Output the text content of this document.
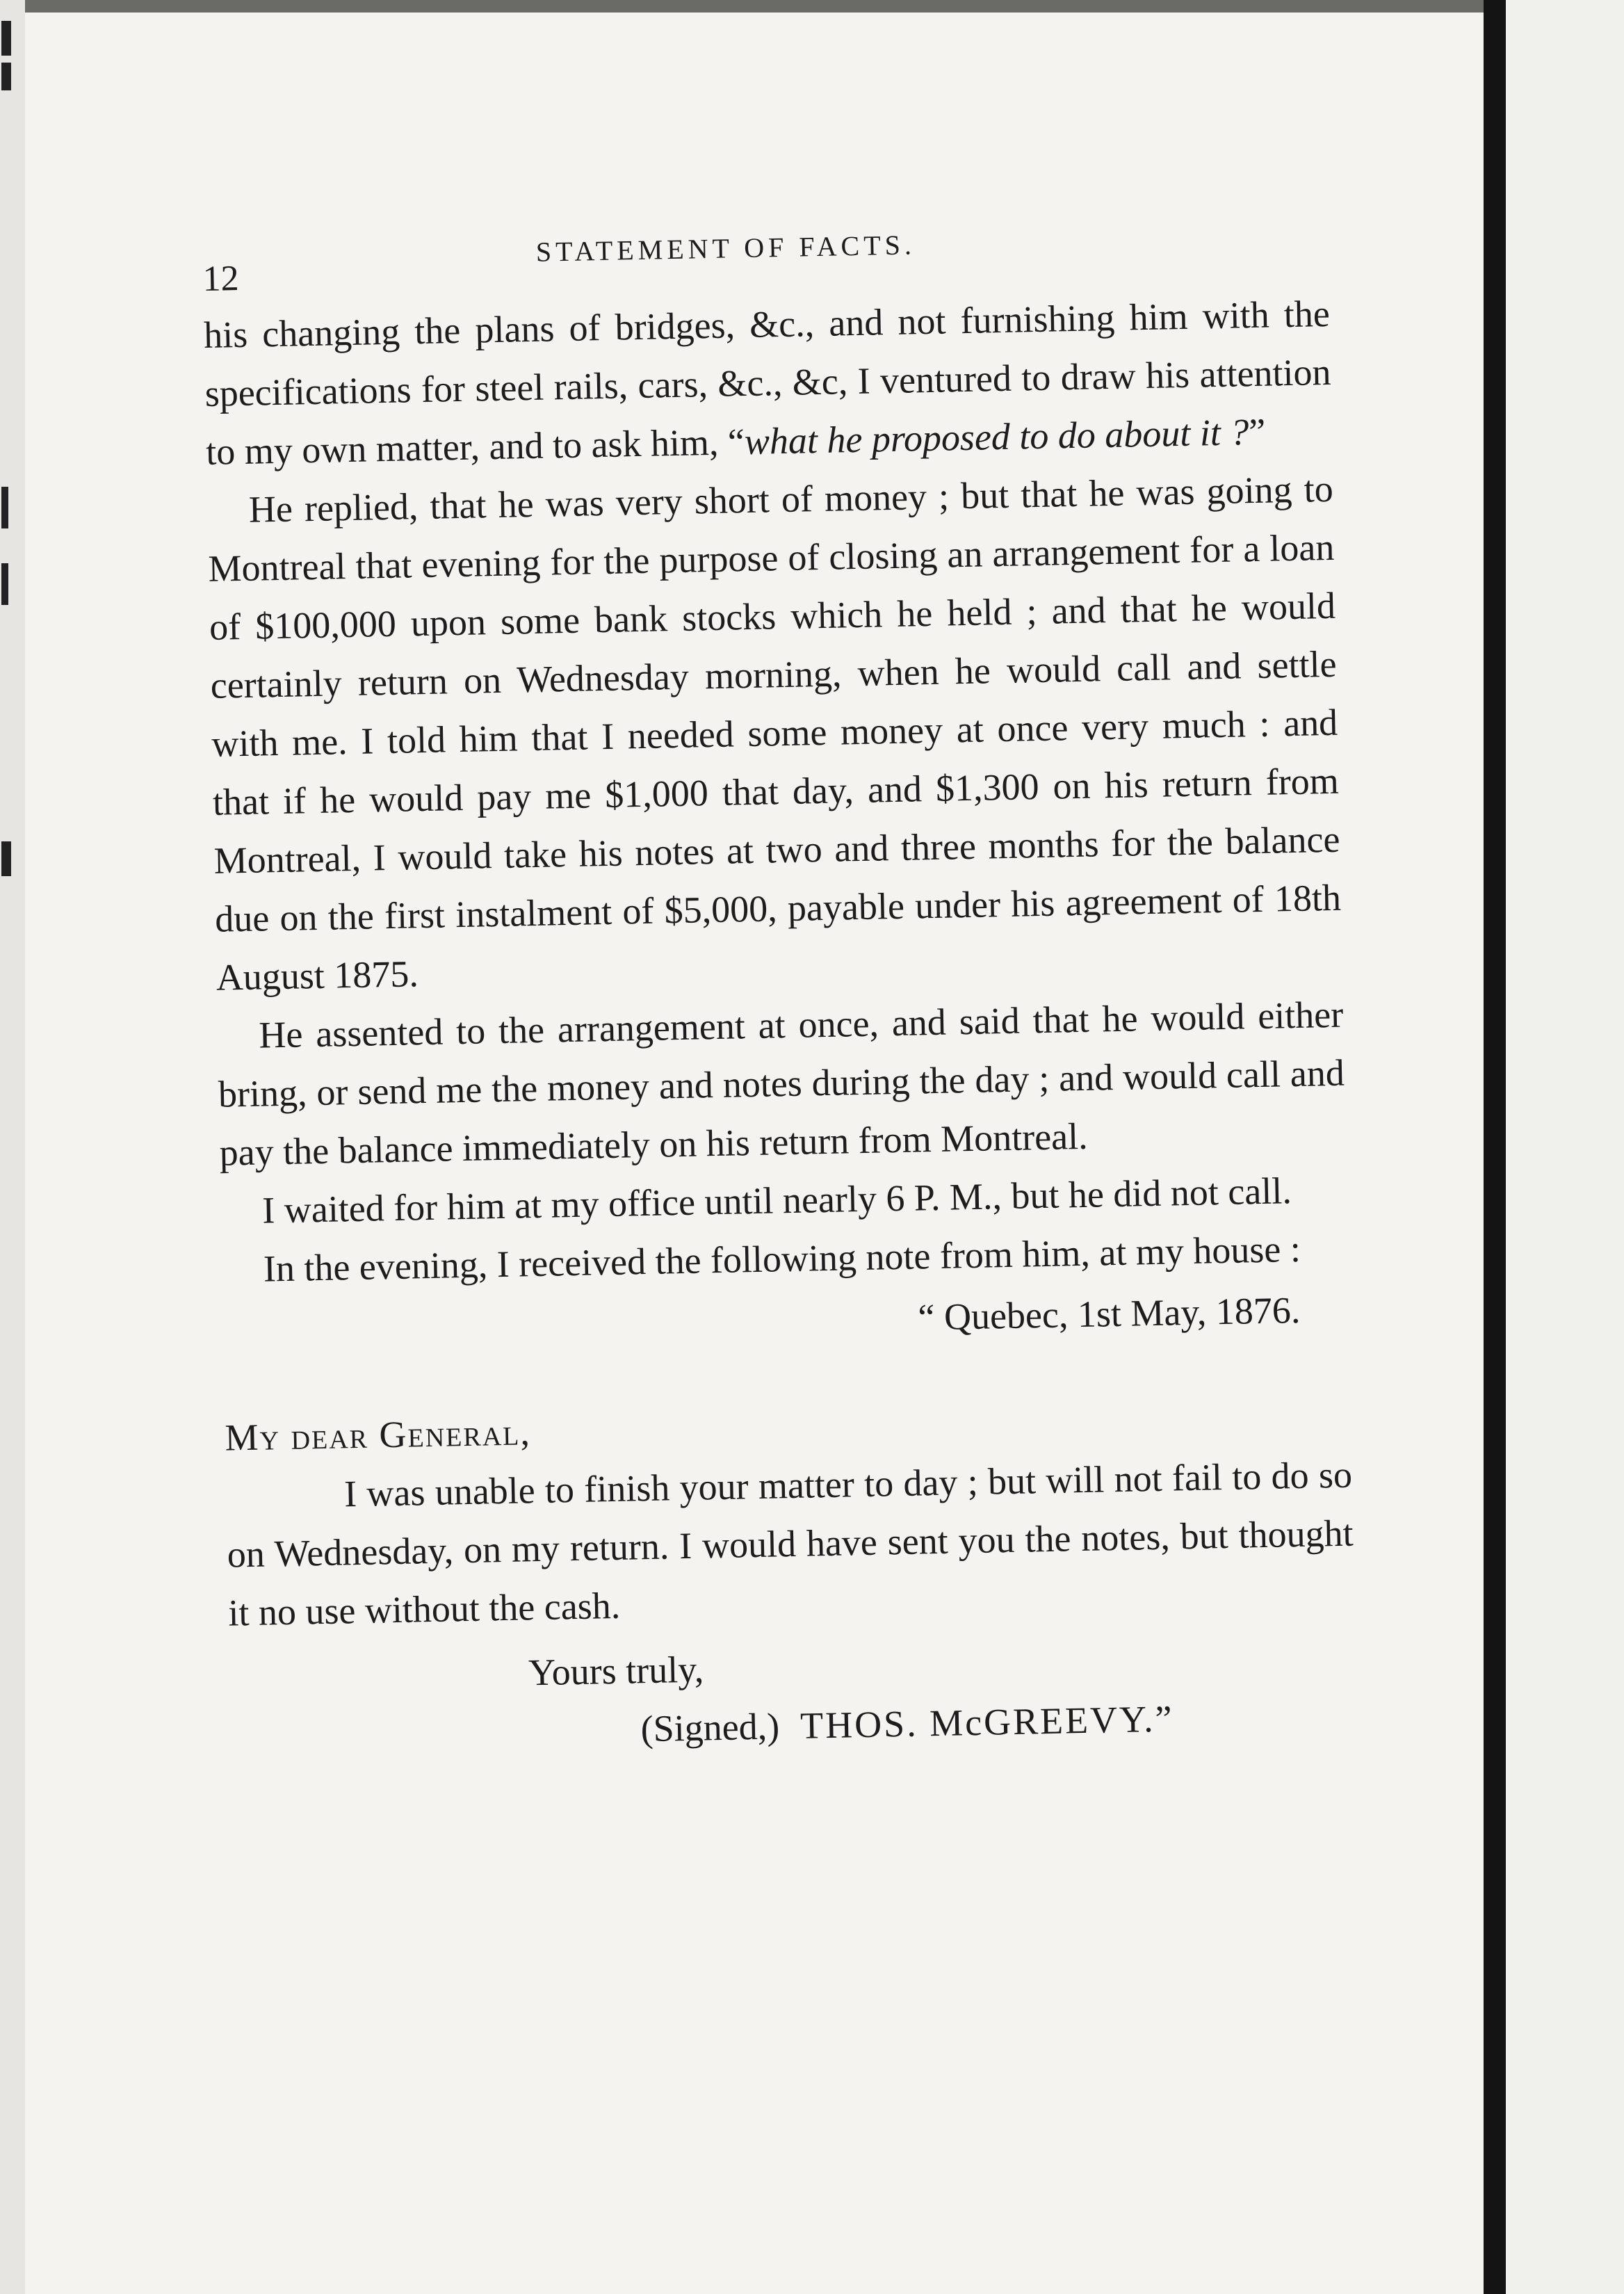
12
STATEMENT OF FACTS.

his changing the plans of bridges, &c., and not furnishing him with the specifications for steel rails, cars, &c., &c, I ventured to draw his attention to my own matter, and to ask him, “what he proposed to do about it ?”

He replied, that he was very short of money ; but that he was going to Montreal that evening for the purpose of closing an arrangement for a loan of $100,000 upon some bank stocks which he held ; and that he would certainly return on Wednesday morning, when he would call and settle with me. I told him that I needed some money at once very much : and that if he would pay me $1,000 that day, and $1,300 on his return from Montreal, I would take his notes at two and three months for the balance due on the first instalment of $5,000, payable under his agreement of 18th August 1875.

He assented to the arrangement at once, and said that he would either bring, or send me the money and notes during the day ; and would call and pay the balance immediately on his return from Montreal.

I waited for him at my office until nearly 6 P. M., but he did not call.

In the evening, I received the following note from him, at my house :

“ Quebec, 1st May, 1876.

My dear General,

I was unable to finish your matter to day ; but will not fail to do so on Wednesday, on my return. I would have sent you the notes, but thought it no use without the cash.

Yours truly,

(Signed,) THOS. McGREEVY.”
